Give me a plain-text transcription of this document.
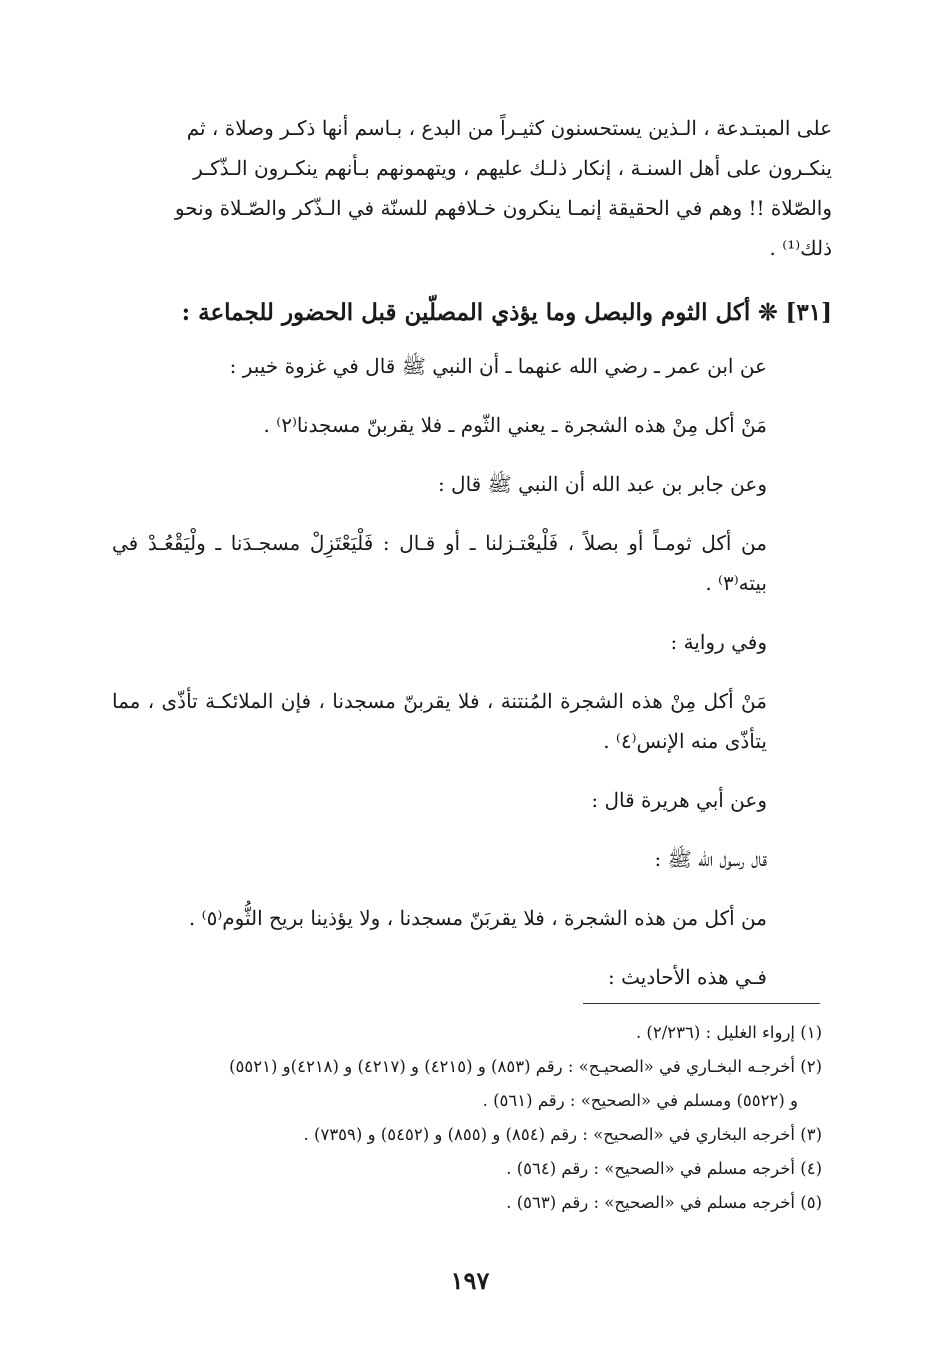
على المبتـدعة ، الـذين يستحسنون كثيـراً من البدع ، بـاسم أنها ذكـر وصلاة ، ثم

ينكـرون على أهل السنـة ، إنكار ذلـك عليهم ، ويتهمونهم بـأنهم ينكـرون الـذّكـر

والصّلاة !! وهم في الحقيقة إنمـا ينكرون خـلافهم للسنّة في الـذّكر والصّـلاة ونحو

ذلك⁽¹⁾ .

[٣١] ❊ أكل الثوم والبصل وما يؤذي المصلّين قبل الحضور للجماعة :

عن ابن عمر ـ رضي الله عنهما ـ أن النبي ﷺ قال في غزوة خيبر :

مَنْ أكل مِنْ هذه الشجرة ـ يعني الثّوم ـ فلا يقربنّ مسجدنا⁽٢⁾ .

وعن جابر بن عبد الله أن النبي ﷺ قال :

من أكل ثومـاً أو بصلاً ، فَلْيعْتـزلنا ـ أو قـال : فَلْيَعْتَزِلْ مسجـدَنا ـ ولْيَقْعُـدْ في بيته⁽٣⁾ .

وفي رواية :

مَنْ أكل مِنْ هذه الشجرة المُنتنة ، فلا يقربنّ مسجدنا ، فإن الملائكـة تأذّى ، مما يتأذّى منه الإنس⁽٤⁾ .

وعن أبي هريرة قال :

قال رسول الله ﷺ :

من أكل من هذه الشجرة ، فلا يقربَنّ مسجدنا ، ولا يؤذينا بريح الثُّوم⁽٥⁾ .

فـي هذه الأحاديث :

(١) إرواء الغليل : (٢/٢٣٦) .

(٢) أخرجـه البخـاري في «الصحيـح» : رقم (٨٥٣) و (٤٢١٥) و (٤٢١٧) و (٤٢١٨)و (٥٥٢١)

و (٥٥٢٢) ومسلم في «الصحيح» : رقم (٥٦١) .

(٣) أخرجه البخاري في «الصحيح» : رقم (٨٥٤) و (٨٥٥) و (٥٤٥٢) و (٧٣٥٩) .

(٤) أخرجه مسلم في «الصحيح» : رقم (٥٦٤) .

(٥) أخرجه مسلم في «الصحيح» : رقم (٥٦٣) .

١٩٧
